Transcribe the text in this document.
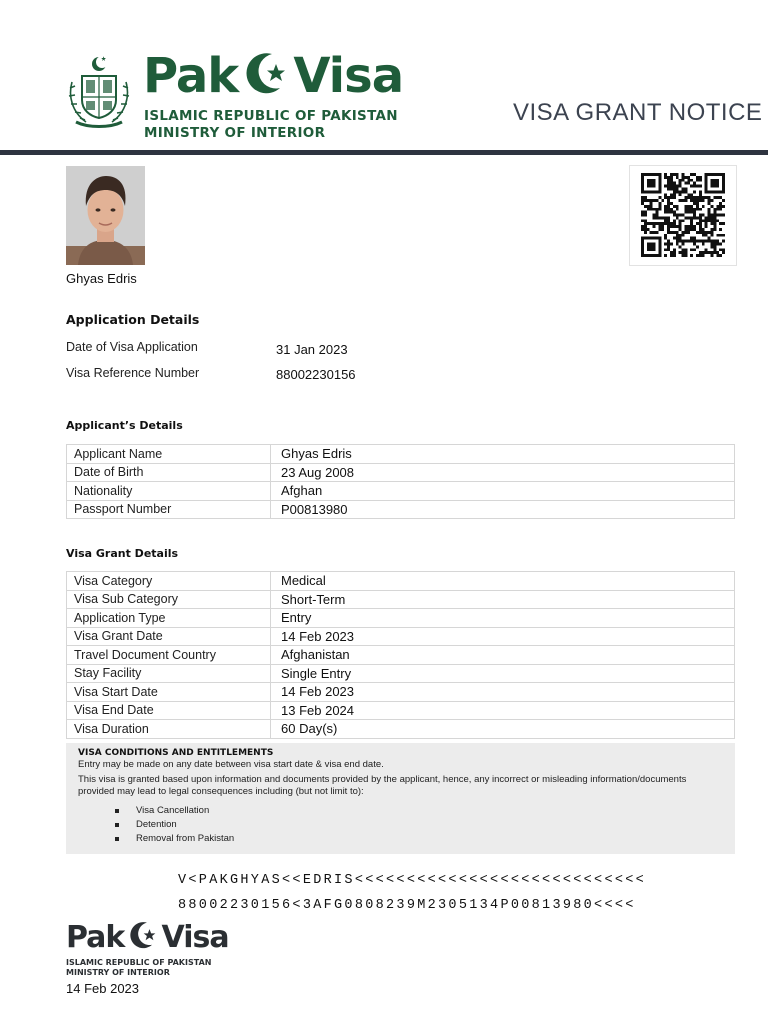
Pak Visa
ISLAMIC REPUBLIC OF PAKISTAN
MINISTRY OF INTERIOR
VISA GRANT NOTICE
Ghyas Edris
Application Details
Date of Visa Application	31 Jan 2023
Visa Reference Number	88002230156
Applicant’s Details
Applicant Name	Ghyas Edris
Date of Birth	23 Aug 2008
Nationality	Afghan
Passport Number	P00813980
Visa Grant Details
Visa Category	Medical
Visa Sub Category	Short-Term
Application Type	Entry
Visa Grant Date	14 Feb 2023
Travel Document Country	Afghanistan
Stay Facility	Single Entry
Visa Start Date	14 Feb 2023
Visa End Date	13 Feb 2024
Visa Duration	60 Day(s)
VISA CONDITIONS AND ENTITLEMENTS
Entry may be made on any date between visa start date & visa end date.
This visa is granted based upon information and documents provided by the applicant, hence, any incorrect or misleading information/documents provided may lead to legal consequences including (but not limit to):
Visa Cancellation
Detention
Removal from Pakistan
V<PAKGHYAS<<EDRIS<<<<<<<<<<<<<<<<<<<<<<<<<<<<
88002230156<3AFG0808239M2305134P00813980<<<<
Pak Visa
ISLAMIC REPUBLIC OF PAKISTAN
MINISTRY OF INTERIOR
14 Feb 2023
